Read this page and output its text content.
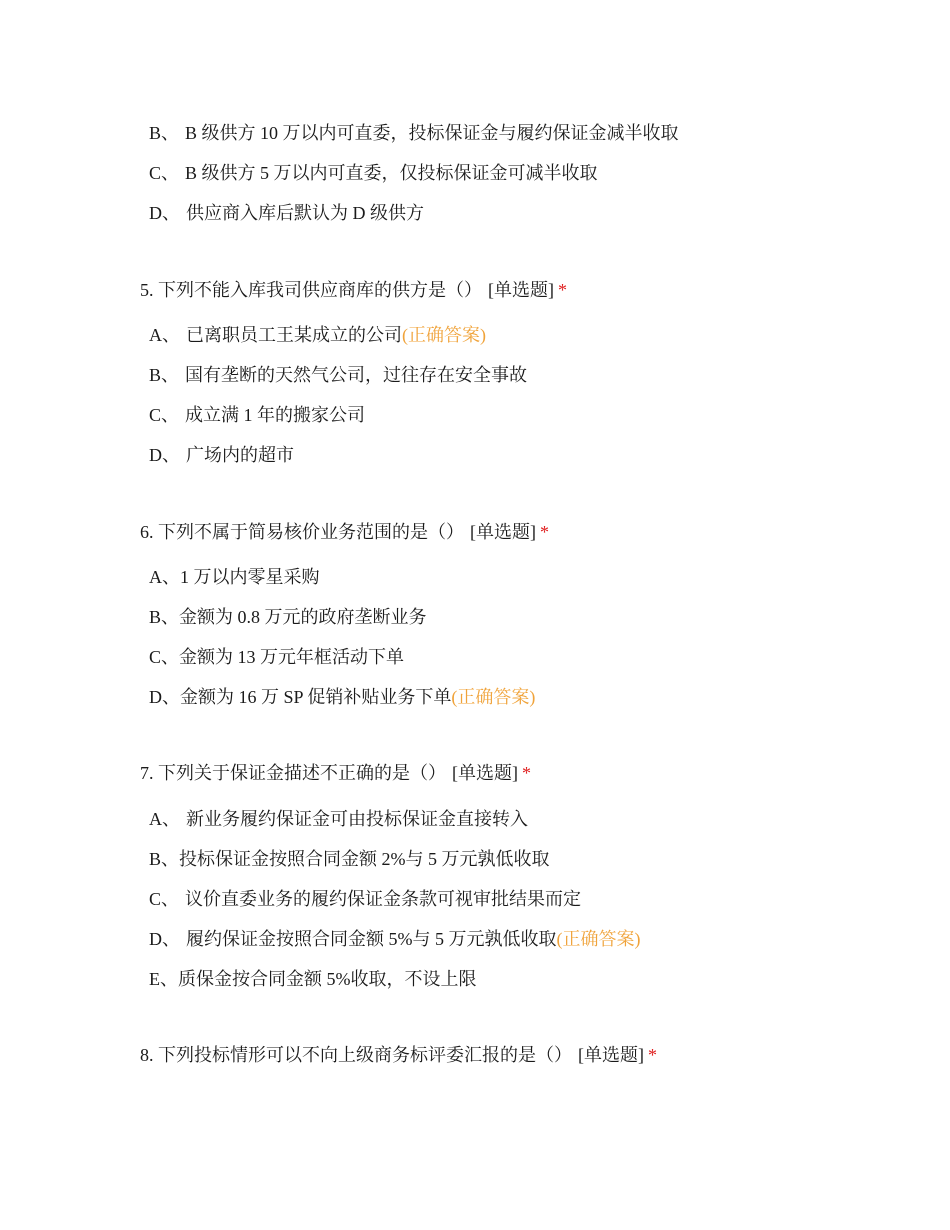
B、 B 级供方 10 万以内可直委，投标保证金与履约保证金减半收取
C、 B 级供方 5 万以内可直委，仅投标保证金可减半收取
D、 供应商入库后默认为 D 级供方
5. 下列不能入库我司供应商库的供方是（） [单选题] *
A、 已离职员工王某成立的公司(正确答案)
B、 国有垄断的天然气公司，过往存在安全事故
C、 成立满 1 年的搬家公司
D、 广场内的超市
6. 下列不属于简易核价业务范围的是（） [单选题] *
A、1 万以内零星采购
B、金额为 0.8 万元的政府垄断业务
C、金额为 13 万元年框活动下单
D、金额为 16 万 SP 促销补贴业务下单(正确答案)
7. 下列关于保证金描述不正确的是（） [单选题] *
A、 新业务履约保证金可由投标保证金直接转入
B、投标保证金按照合同金额 2%与 5 万元孰低收取
C、 议价直委业务的履约保证金条款可视审批结果而定
D、 履约保证金按照合同金额 5%与 5 万元孰低收取(正确答案)
E、质保金按合同金额 5%收取，不设上限
8. 下列投标情形可以不向上级商务标评委汇报的是（） [单选题] *
